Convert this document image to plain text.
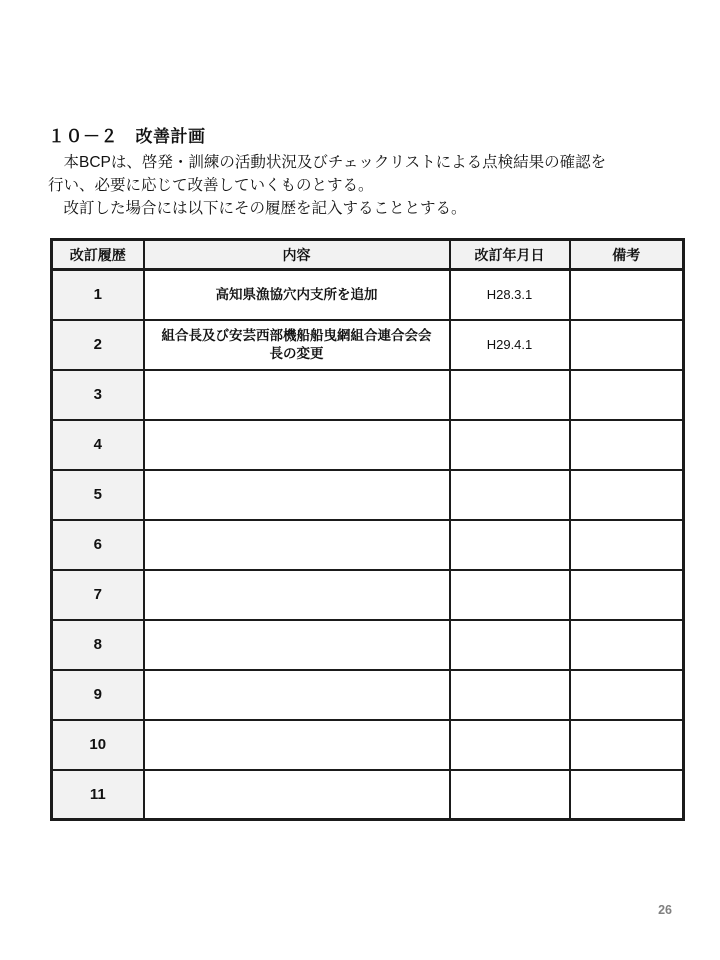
１０－２　改善計画
　本BCPは、啓発・訓練の活動状況及びチェックリストによる点検結果の確認を
行い、必要に応じて改善していくものとする。
　改訂した場合には以下にその履歴を記入することとする。
改訂履歴	内容	改訂年月日	備考
1	高知県漁協穴内支所を追加	H28.3.1	
2	組合長及び安芸西部機船船曳網組合連合会会長の変更	H29.4.1	
3			
4			
5			
6			
7			
8			
9			
10			
11			
26
